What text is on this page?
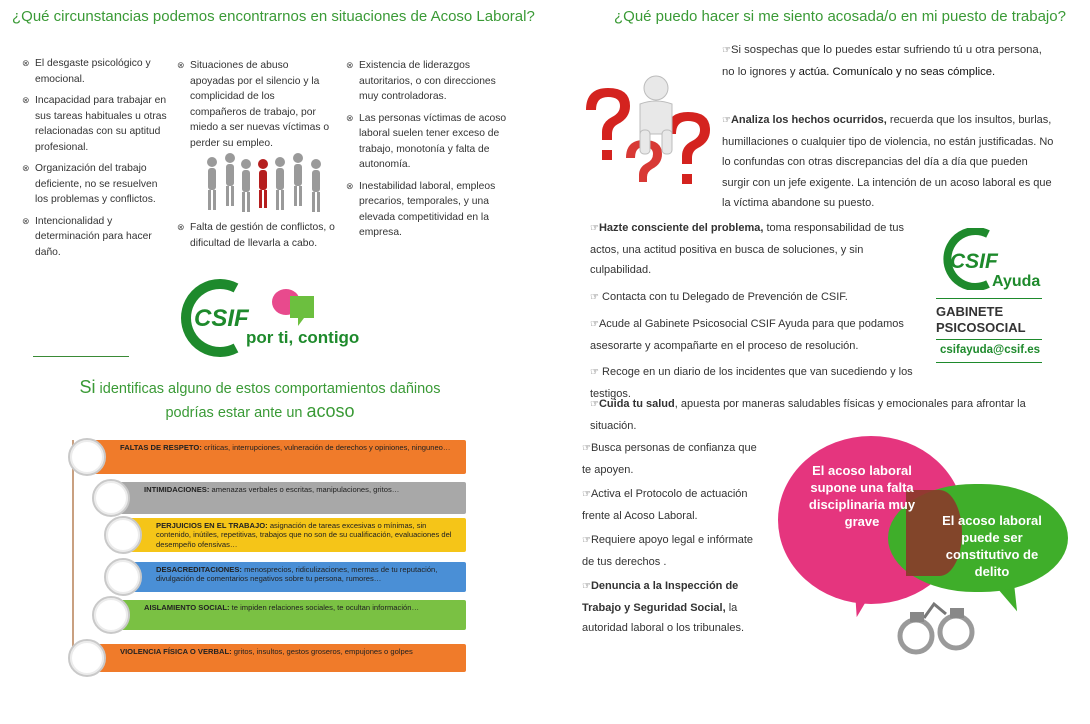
¿Qué circunstancias podemos encontrarnos en situaciones de Acoso Laboral?
⊗ El desgaste psicológico y emocional.
⊗ Incapacidad para trabajar en sus tareas habituales u otras relacionadas con su aptitud profesional.
⊗ Organización del trabajo deficiente, no se resuelven los problemas y conflictos.
⊗ Intencionalidad y determinación para hacer daño.
⊗ Situaciones de abuso apoyadas por el silencio y la complicidad de los compañeros de trabajo, por miedo a ser nuevas víctimas o perder su empleo.
⊗ Falta de gestión de conflictos, o dificultad de llevarla a cabo.
⊗ Existencia de liderazgos autoritarios, o con direcciones muy controladoras.
⊗ Las personas víctimas de acoso laboral suelen tener exceso de trabajo, monotonía y falta de autonomía.
⊗ Inestabilidad laboral, empleos precarios, temporales, y una elevada competitividad en la empresa.
CSIF
por ti, contigo
Si identificas alguno de estos comportamientos dañinos
podrías estar ante un acoso
FALTAS DE RESPETO: críticas, interrupciones, vulneración de derechos y opiniones, ninguneo…
INTIMIDACIONES: amenazas verbales o escritas, manipulaciones, gritos…
PERJUICIOS EN EL TRABAJO: asignación de tareas excesivas o mínimas, sin contenido, inútiles, repetitivas, trabajos que no son de su cualificación, evaluaciones del desempeño ofensivas…
DESACREDITACIONES: menosprecios, ridiculizaciones, mermas de tu reputación, divulgación de comentarios negativos sobre tu persona, rumores…
AISLAMIENTO SOCIAL: te impiden relaciones sociales, te ocultan información…
VIOLENCIA FÍSICA O VERBAL: gritos, insultos, gestos groseros, empujones o golpes
¿Qué puedo hacer si me siento acosada/o en mi puesto de trabajo?
☞Si sospechas que lo puedes estar sufriendo tú u otra persona, no lo ignores y actúa. Comunícalo y no seas cómplice.
☞Analiza los hechos ocurridos, recuerda que los insultos, burlas, humillaciones o cualquier tipo de violencia, no están justificadas. No lo confundas con otras discrepancias del día a día que pueden surgir con un jefe exigente. La intención de un acoso laboral es que la víctima abandone su puesto.
☞Hazte consciente del problema, toma responsabilidad de tus actos, una actitud positiva en busca de soluciones, y sin culpabilidad.
☞ Contacta con tu Delegado de Prevención de CSIF.
☞Acude al Gabinete Psicosocial CSIF Ayuda para que podamos asesorarte y acompañarte en el proceso de resolución.
☞ Recoge en un diario de los incidentes que van sucediendo y los testigos.
☞Cuida tu salud, apuesta por maneras saludables físicas y emocionales para afrontar la situación.
☞Busca personas de confianza que te apoyen.
☞Activa el Protocolo de actuación frente al Acoso Laboral.
☞Requiere apoyo legal e infórmate de tus derechos .
☞Denuncia a la Inspección de Trabajo y Seguridad Social, la autoridad laboral o los tribunales.
CSIF
Ayuda
GABINETE
PSICOSOCIAL
csifayuda@csif.es
El acoso laboral supone una falta disciplinaria muy grave	El acoso laboral puede ser constitutivo de delito
